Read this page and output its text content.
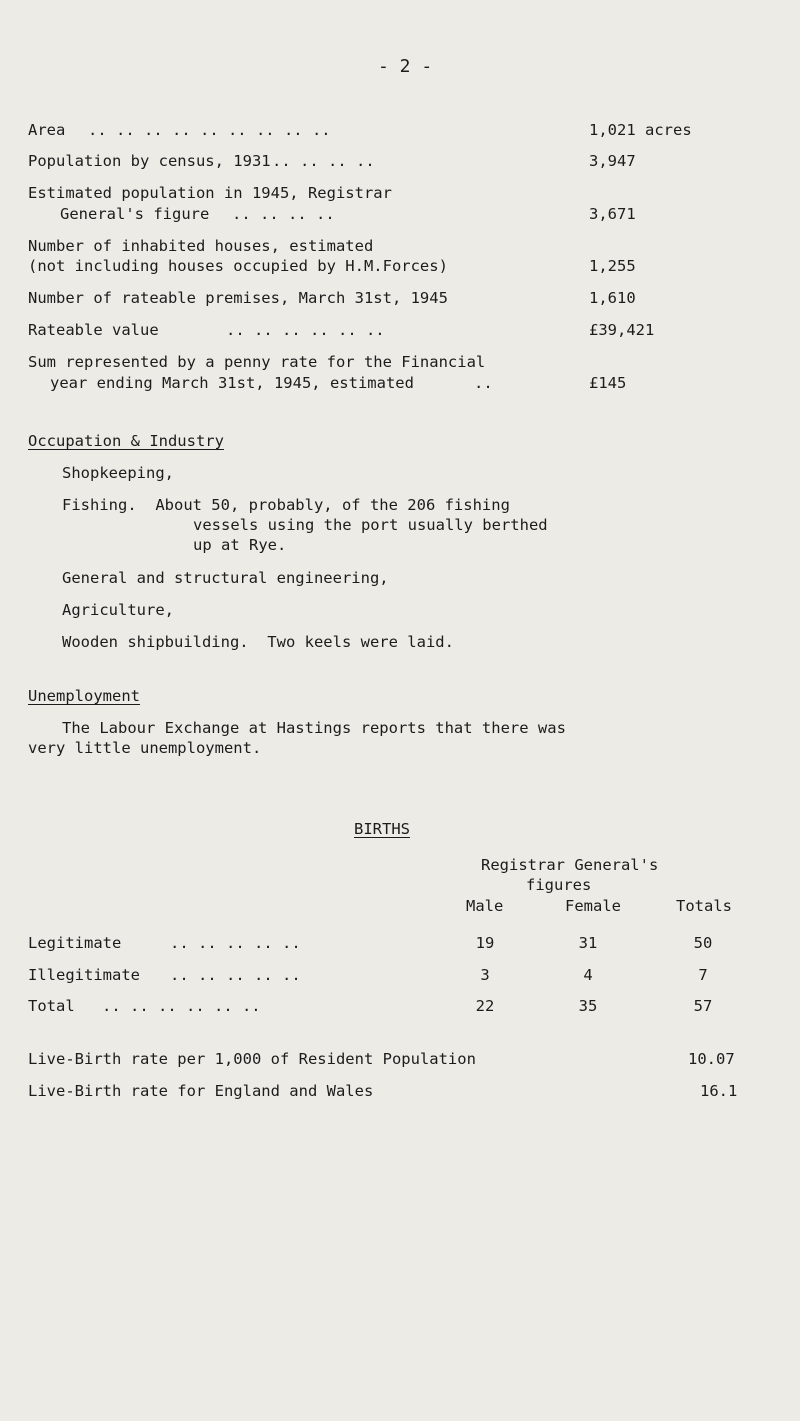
- 2 -
Area .. .. .. .. .. .. .. .. ..	1,021 acres
Population by census, 1931 .. .. .. ..	3,947
Estimated population in 1945, Registrar
General's figure .. .. .. ..	3,671
Number of inhabited houses, estimated
(not including houses occupied by H.M.Forces)	1,255
Number of rateable premises, March 31st, 1945	1,610
Rateable value	.. .. .. .. .. ..	£39,421
Sum represented by a penny rate for the Financial
year ending March 31st, 1945, estimated	..	£145
Occupation & Industry
Shopkeeping,
Fishing.  About 50, probably, of the 206 fishing
vessels using the port usually berthed
up at Rye.
General and structural engineering,
Agriculture,
Wooden shipbuilding.  Two keels were laid.
Unemployment
The Labour Exchange at Hastings reports that there was
very little unemployment.
BIRTHS
Registrar General's
figures
Male	Female	Totals
Legitimate	.. .. .. .. ..	19	31	50
Illegitimate .. .. .. .. ..	3	4	7
Total .. .. .. .. .. ..	22	35	57
Live-Birth rate per 1,000 of Resident Population	10.07
Live-Birth rate for England and Wales	16.1
